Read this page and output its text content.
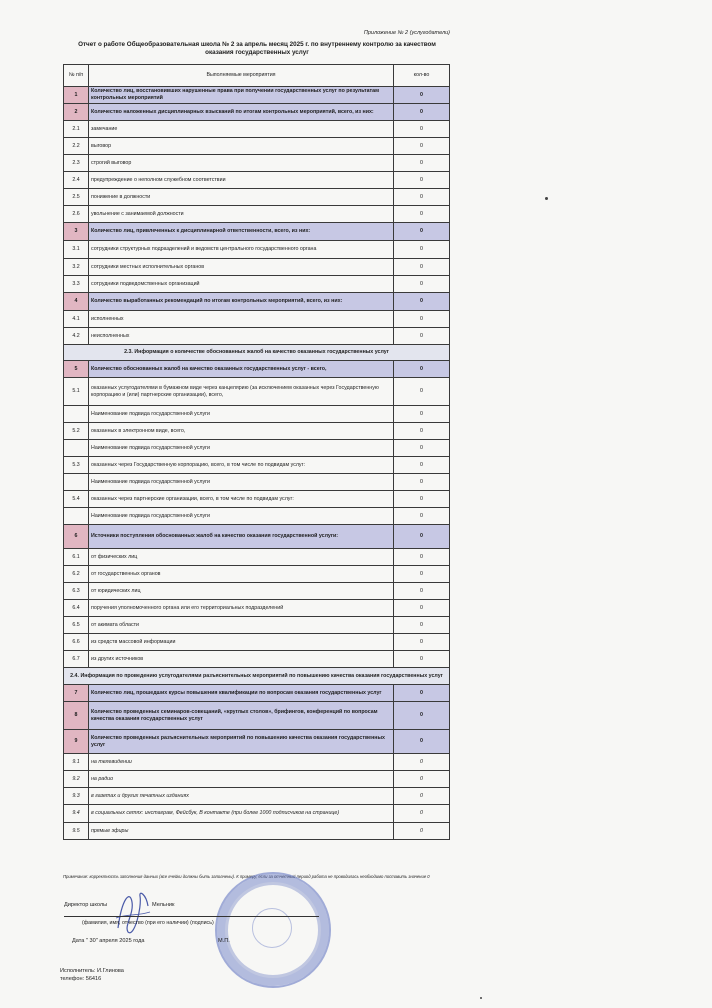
Приложение № 2 (услугодатели)
Отчет о работе Общеобразовательная школа № 2 за апрель месяц 2025 г. по внутреннему контролю за качеством оказания государственных услуг
№ п/п	Выполняемые мероприятия	кол-во
1	Количество лиц, восстановивших нарушенные права при получении государственных услуг по результатам контрольных мероприятий	0
2	Количество наложенных дисциплинарных взысканий по итогам контрольных мероприятий, всего, из них:	0
2.1	замечание	0
2.2	выговор	0
2.3	строгий выговор	0
2.4	предупреждение о неполном служебном соответствии	0
2.5	понижение в должности	0
2.6	увольнение с занимаемой должности	0
3	Количество лиц, привлеченных к дисциплинарной ответственности, всего, из них:	0
3.1	сотрудники структурных подразделений и ведомств центрального государственного органа	0
3.2	сотрудники местных исполнительных органов	0
3.3	сотрудники подведомственных организаций	0
4	Количество выработанных рекомендаций по итогам контрольных мероприятий, всего, из них:	0
4.1	исполненных	0
4.2	неисполненных	0
2.3. Информация о количестве обоснованных жалоб на качество оказанных государственных услуг		
5	Количество обоснованных жалоб на качество оказанных государственных услуг - всего,	0
5.1	оказанных услугодателями в бумажном виде через канцелярию (за исключением оказанных через Государственную корпорацию и (или) партнерские организации), всего,	0
	Наименование подвида государственной услуги	0
5.2	оказанных в электронном виде, всего,	0
	Наименование подвида государственной услуги	0
5.3	оказанных через Государственную корпорацию, всего, в том числе по подвидам услуг:	0
	Наименование подвида государственной услуги	0
5.4	оказанных через партнерские организации, всего, в том числе по подвидам услуг:	0
	Наименование подвида государственной услуги	0
6	Источники поступления обоснованных жалоб на качество оказания государственной услуги:	0
6.1	от физических лиц	0
6.2	от государственных органов	0
6.3	от юридических лиц	0
6.4	поручения уполномоченного органа или его территориальных подразделений	0
6.5	от акимата области	0
6.6	из средств массовой информации	0
6.7	из других источников	0
2.4. Информация по проведению услугодателями разъяснительных мероприятий по повышению качества оказания государственных услуг		
7	Количество лиц, прошедших курсы повышения квалификации по вопросам оказания государственных услуг	0
8	Количество проведенных семинаров-совещаний, «круглых столов», брифингов, конференций по вопросам качества оказания государственных услуг	0
9	Количество проведенных разъяснительных мероприятий по повышению качества оказания государственных услуг	0
9.1	на телевидении	0
9.2	на радио	0
9.3	в газетах и других печатных изданиях	0
9.4	в социальных сетях: инстаграм, Фейсбук, В контакте (при более 1000 подписчиков на странице)	0
9.5	прямые эфиры	0
Примечание: корректность заполнения данных (все ячейки должны быть заполнены). К примеру, если за отчетный период работа не проводилась необходимо поставить значение 0
Директор школы	Мельник
(фамилия, имя, отчество (при его наличии) (подпись)
Дата " 30" апреля 2025 года	М.П.
Исполнитель: И.Глинова
телефон: 56416
